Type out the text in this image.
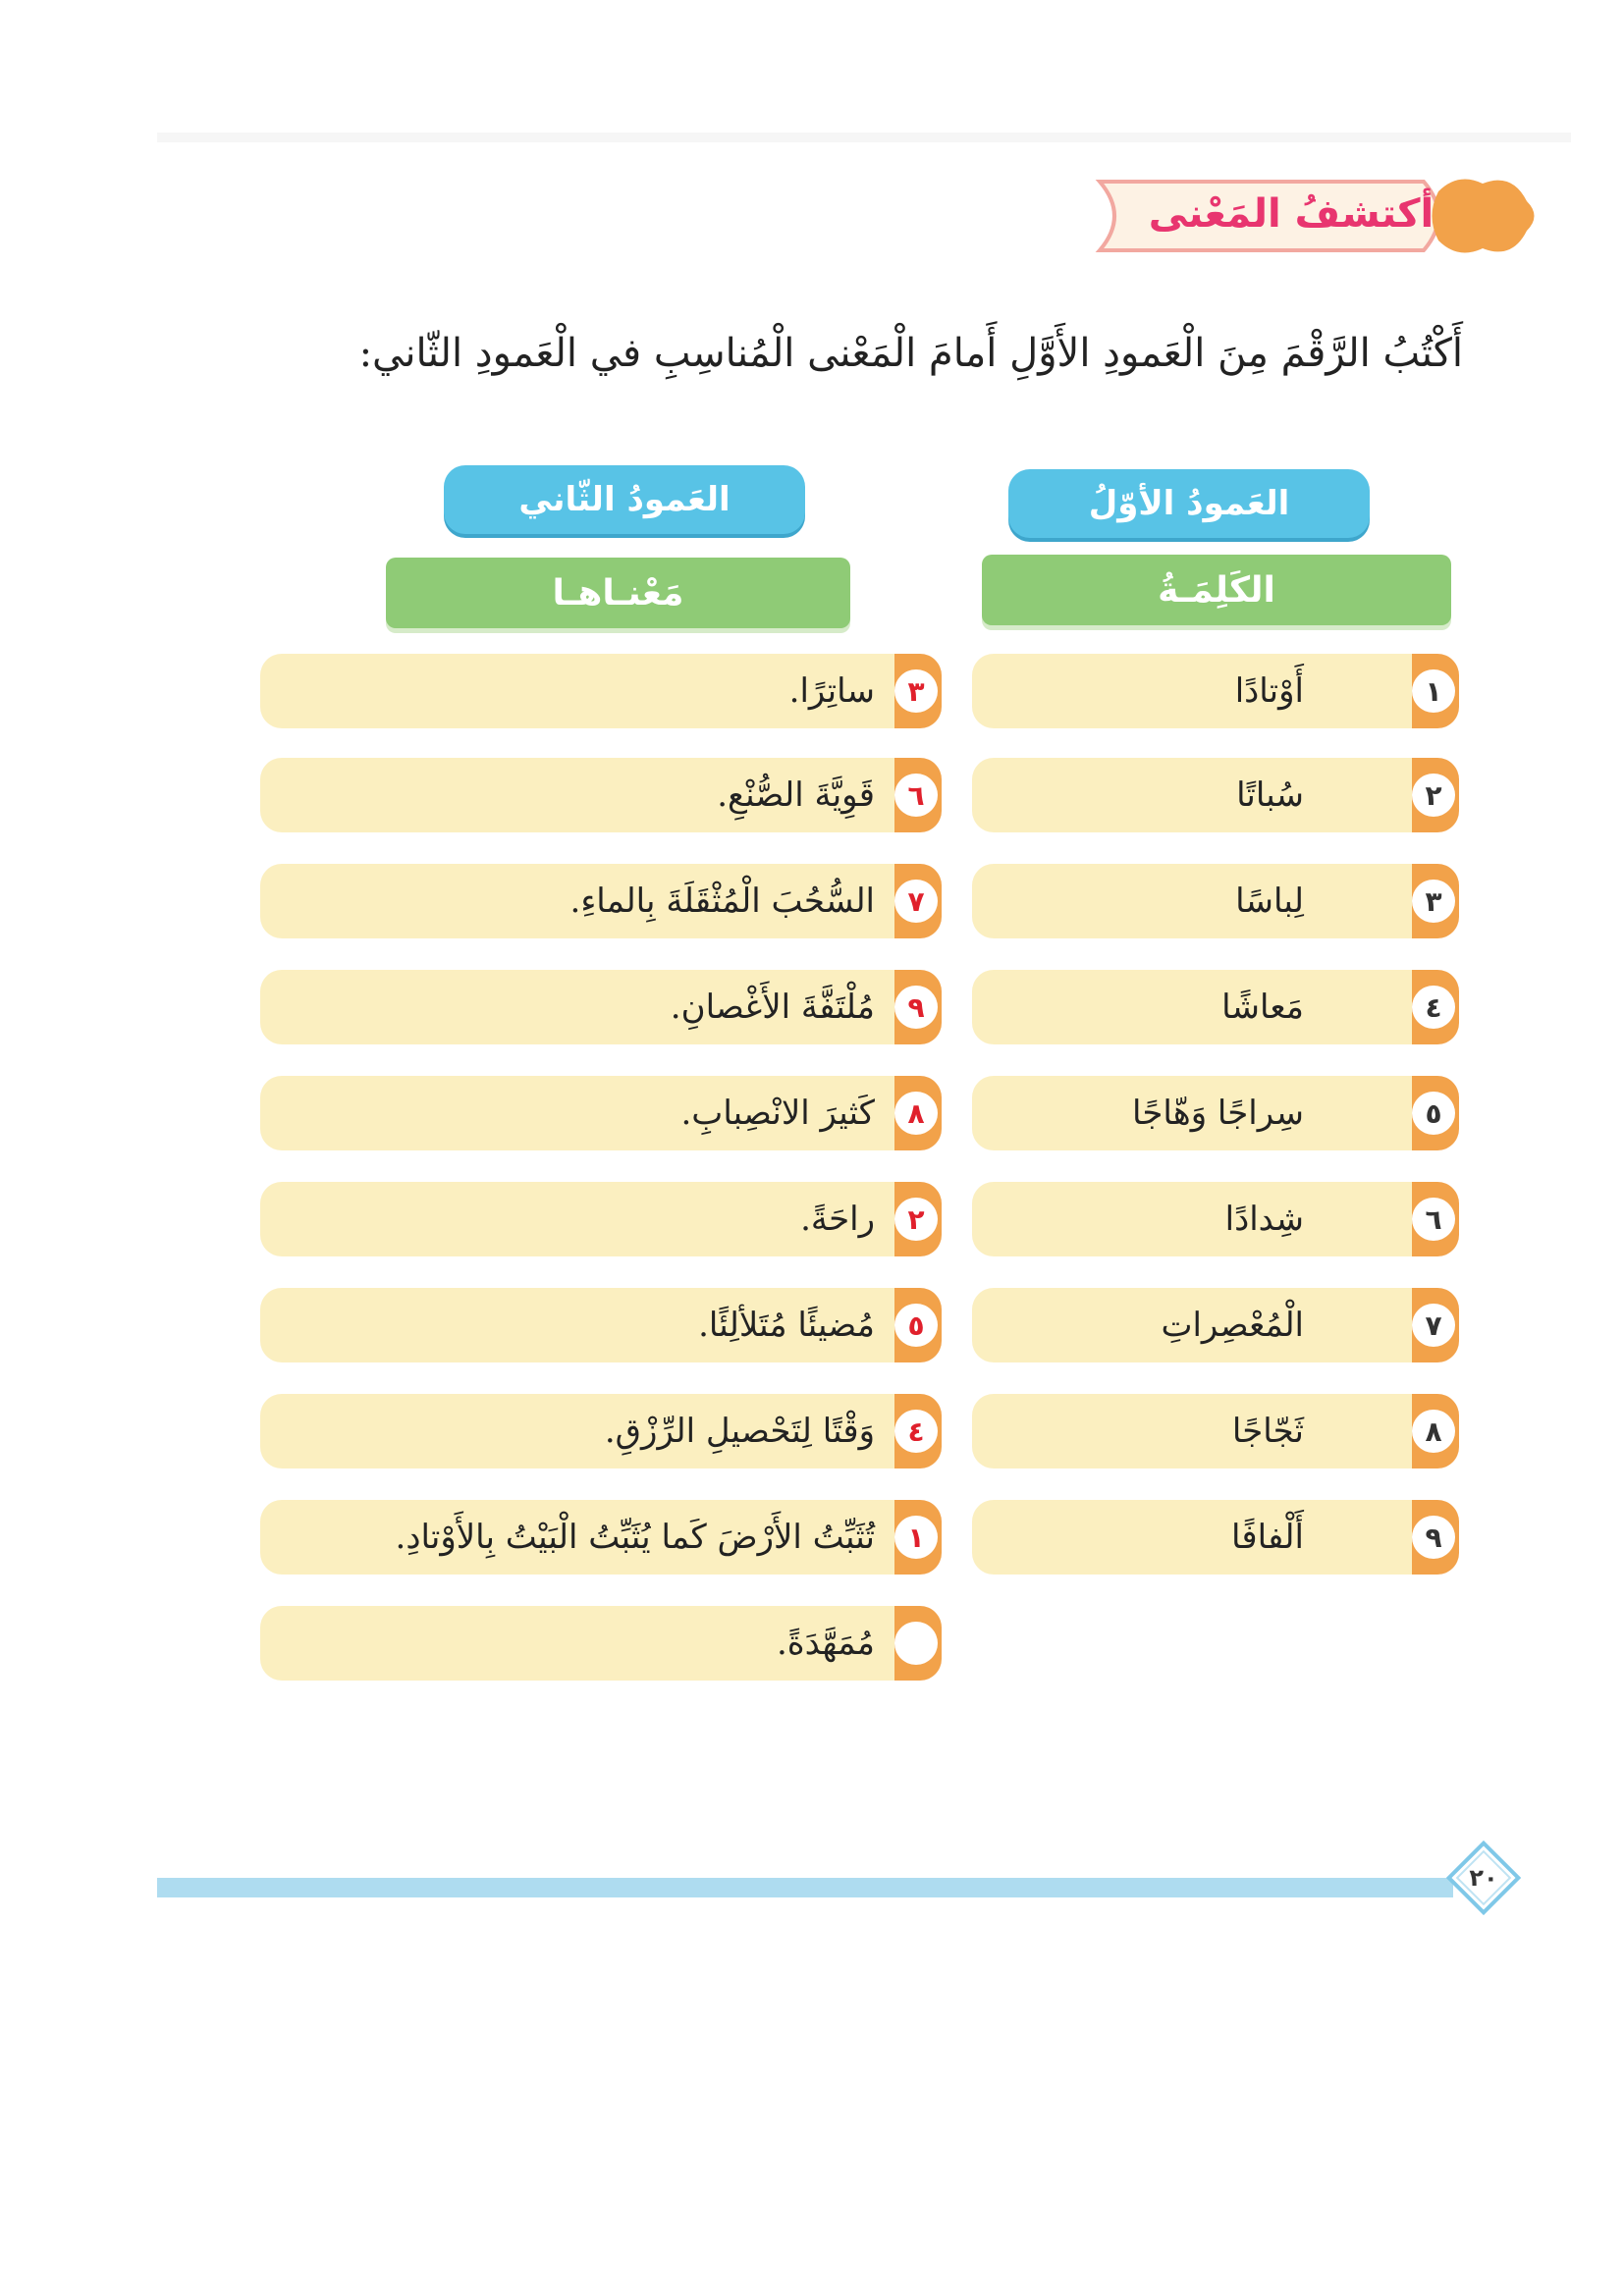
أكتشفُ المَعْنى
أَكْتُبُ الرَّقْمَ مِنَ الْعَمودِ الأَوَّلِ أَمامَ الْمَعْنى الْمُناسِبِ في الْعَمودِ الثّاني:
العَمودُ الأوّلُ
العَمودُ الثّاني
الكَلِمَـةُ
مَعْنـاهـا
١
أَوْتادًا
٢
سُباتًا
٣
لِباسًا
٤
مَعاشًا
٥
سِراجًا وَهّاجًا
٦
شِدادًا
٧
الْمُعْصِراتِ
٨
ثَجّاجًا
٩
أَلْفافًا
٣
ساتِرًا.
٦
قَوِيَّةَ الصُّنْعِ.
٧
السُّحُبَ الْمُثْقَلَةَ بِالماءِ.
٩
مُلْتَفَّةَ الأَغْصانِ.
٨
كَثيرَ الانْصِبابِ.
٢
راحَةً.
٥
مُضيئًا مُتَلألِئًا.
٤
وَقْتًا لِتَحْصيلِ الرِّزْقِ.
١
تُثَبِّتُ الأَرْضَ كَما يُثَبِّتُ الْبَيْتُ بِالأَوْتادِ.
مُمَهَّدَةً.
٢٠
